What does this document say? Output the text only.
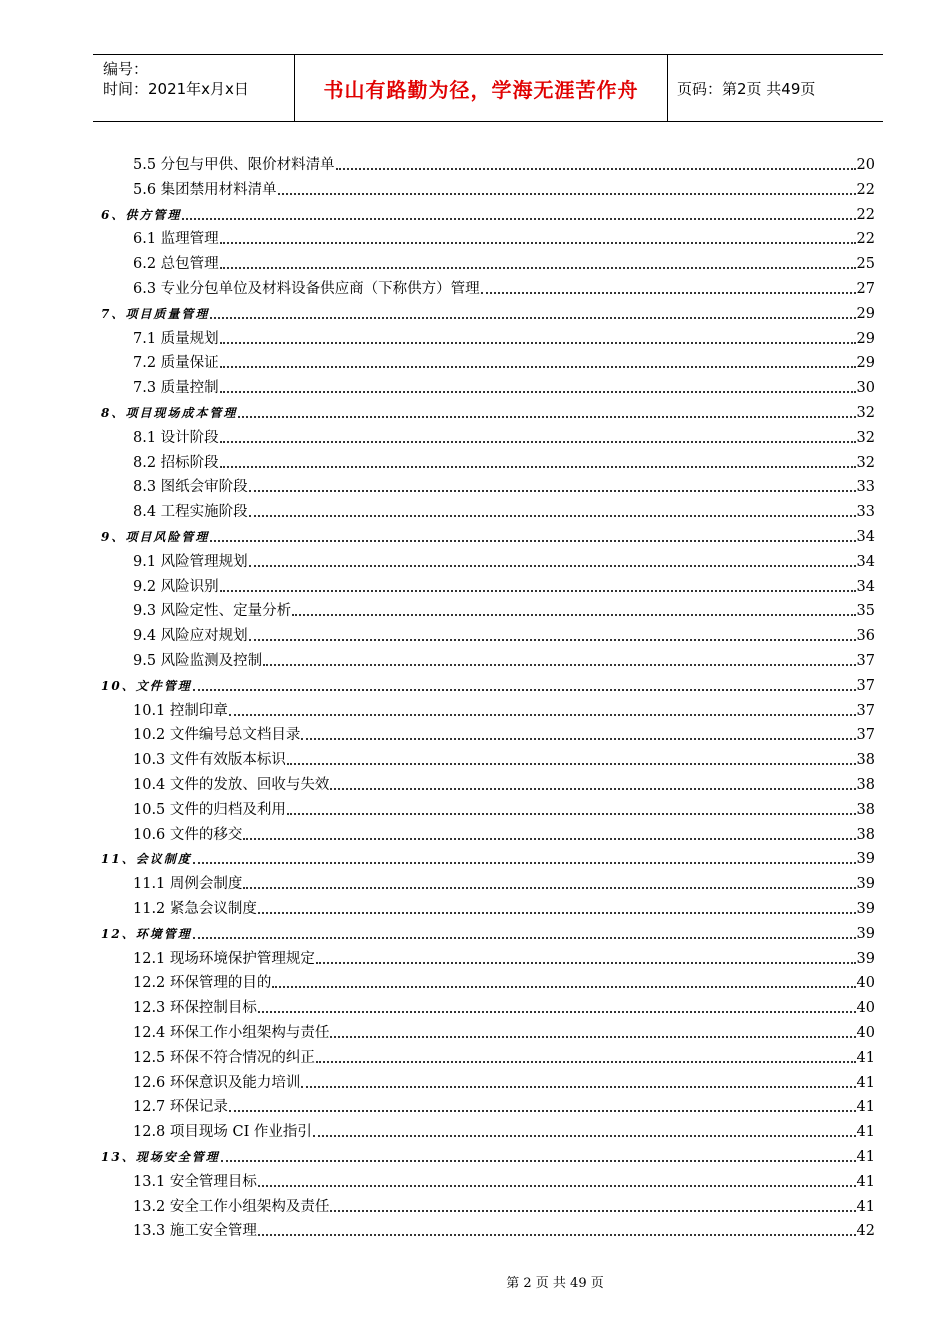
编号：
时间：2021年x月x日	书山有路勤为径，学海无涯苦作舟	页码：第2页 共49页
5.5 分包与甲供、限价材料清单	20
5.6 集团禁用材料清单	22
6、供方管理	22
6.1 监理管理	22
6.2 总包管理	25
6.3 专业分包单位及材料设备供应商（下称供方）管理	27
7、项目质量管理	29
7.1 质量规划	29
7.2 质量保证	29
7.3 质量控制	30
8、项目现场成本管理	32
8.1 设计阶段	32
8.2 招标阶段	32
8.3 图纸会审阶段	33
8.4 工程实施阶段	33
9、项目风险管理	34
9.1 风险管理规划	34
9.2 风险识别	34
9.3 风险定性、定量分析	35
9.4 风险应对规划	36
9.5 风险监测及控制	37
10、文件管理	37
10.1 控制印章	37
10.2 文件编号总文档目录	37
10.3 文件有效版本标识	38
10.4 文件的发放、回收与失效	38
10.5 文件的归档及利用	38
10.6 文件的移交	38
11、会议制度	39
11.1 周例会制度	39
11.2 紧急会议制度	39
12、环境管理	39
12.1 现场环境保护管理规定	39
12.2 环保管理的目的	40
12.3 环保控制目标	40
12.4 环保工作小组架构与责任	40
12.5 环保不符合情况的纠正	41
12.6 环保意识及能力培训	41
12.7 环保记录	41
12.8 项目现场 CI 作业指引	41
13、现场安全管理	41
13.1 安全管理目标	41
13.2 安全工作小组架构及责任	41
13.3 施工安全管理	42
第 2 页 共 49 页
